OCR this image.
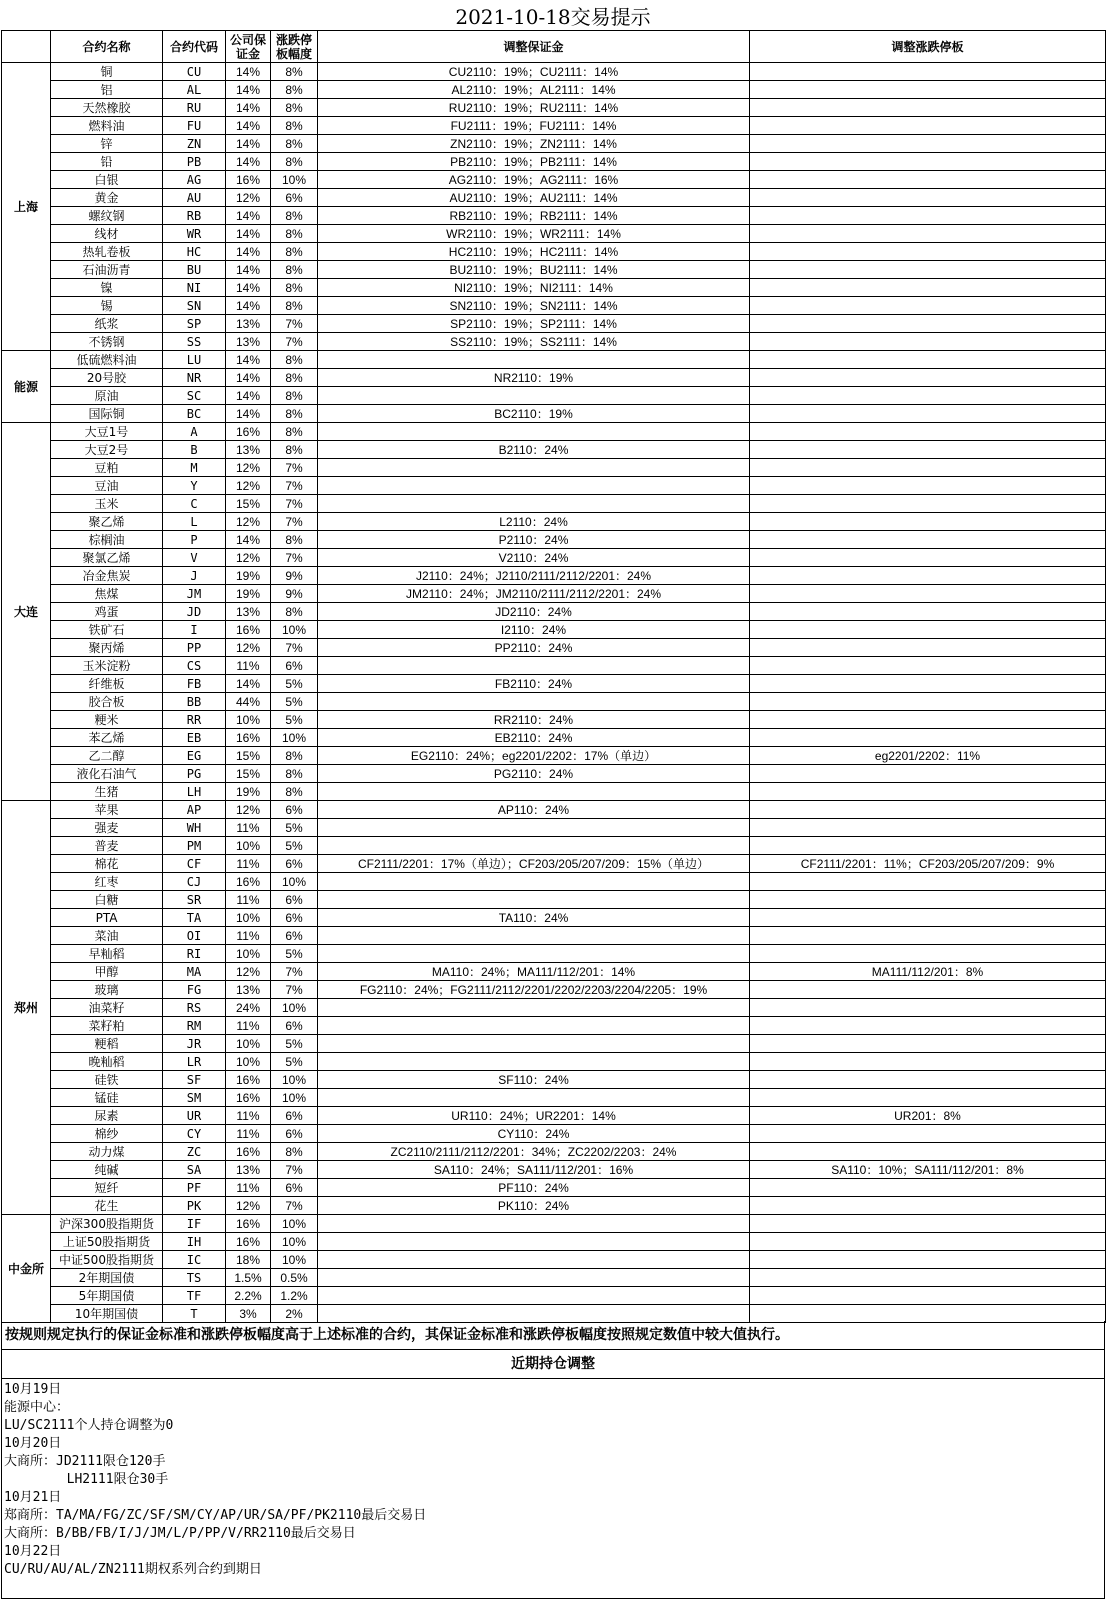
2021-10-18交易提示
	合约名称	合约代码	公司保证金	涨跌停板幅度	调整保证金	调整涨跌停板
上海	铜	CU	14%	8%	CU2110：19%；CU2111：14%	
	铝	AL	14%	8%	AL2110：19%；AL2111：14%	
	天然橡胶	RU	14%	8%	RU2110：19%；RU2111：14%	
	燃料油	FU	14%	8%	FU2111：19%；FU2111：14%	
	锌	ZN	14%	8%	ZN2110：19%；ZN2111：14%	
	铅	PB	14%	8%	PB2110：19%；PB2111：14%	
	白银	AG	16%	10%	AG2110：19%；AG2111：16%	
	黄金	AU	12%	6%	AU2110：19%；AU2111：14%	
	螺纹钢	RB	14%	8%	RB2110：19%；RB2111：14%	
	线材	WR	14%	8%	WR2110：19%；WR2111：14%	
	热轧卷板	HC	14%	8%	HC2110：19%；HC2111：14%	
	石油沥青	BU	14%	8%	BU2110：19%；BU2111：14%	
	镍	NI	14%	8%	NI2110：19%；NI2111：14%	
	锡	SN	14%	8%	SN2110：19%；SN2111：14%	
	纸浆	SP	13%	7%	SP2110：19%；SP2111：14%	
	不锈钢	SS	13%	7%	SS2110：19%；SS2111：14%	
能源	低硫燃料油	LU	14%	8%		
	20号胶	NR	14%	8%	NR2110：19%	
	原油	SC	14%	8%		
	国际铜	BC	14%	8%	BC2110：19%	
大连	大豆1号	A	16%	8%		
	大豆2号	B	13%	8%	B2110：24%	
	豆粕	M	12%	7%		
	豆油	Y	12%	7%		
	玉米	C	15%	7%		
	聚乙烯	L	12%	7%	L2110：24%	
	棕榈油	P	14%	8%	P2110：24%	
	聚氯乙烯	V	12%	7%	V2110：24%	
	冶金焦炭	J	19%	9%	J2110：24%；J2110/2111/2112/2201：24%	
	焦煤	JM	19%	9%	JM2110：24%；JM2110/2111/2112/2201：24%	
	鸡蛋	JD	13%	8%	JD2110：24%	
	铁矿石	I	16%	10%	I2110：24%	
	聚丙烯	PP	12%	7%	PP2110：24%	
	玉米淀粉	CS	11%	6%		
	纤维板	FB	14%	5%	FB2110：24%	
	胶合板	BB	44%	5%		
	粳米	RR	10%	5%	RR2110：24%	
	苯乙烯	EB	16%	10%	EB2110：24%	
	乙二醇	EG	15%	8%	EG2110：24%；eg2201/2202：17%（单边）	eg2201/2202：11%
	液化石油气	PG	15%	8%	PG2110：24%	
	生猪	LH	19%	8%		
郑州	苹果	AP	12%	6%	AP110：24%	
	强麦	WH	11%	5%		
	普麦	PM	10%	5%		
	棉花	CF	11%	6%	CF2111/2201：17%（单边）；CF203/205/207/209：15%（单边）	CF2111/2201：11%；CF203/205/207/209：9%
	红枣	CJ	16%	10%		
	白糖	SR	11%	6%		
	PTA	TA	10%	6%	TA110：24%	
	菜油	OI	11%	6%		
	早籼稻	RI	10%	5%		
	甲醇	MA	12%	7%	MA110：24%；MA111/112/201：14%	MA111/112/201：8%
	玻璃	FG	13%	7%	FG2110：24%；FG2111/2112/2201/2202/2203/2204/2205：19%	
	油菜籽	RS	24%	10%		
	菜籽粕	RM	11%	6%		
	粳稻	JR	10%	5%		
	晚籼稻	LR	10%	5%		
	硅铁	SF	16%	10%	SF110：24%	
	锰硅	SM	16%	10%		
	尿素	UR	11%	6%	UR110：24%；UR2201：14%	UR201：8%
	棉纱	CY	11%	6%	CY110：24%	
	动力煤	ZC	16%	8%	ZC2110/2111/2112/2201：34%；ZC2202/2203：24%	
	纯碱	SA	13%	7%	SA110：24%；SA111/112/201：16%	SA110：10%；SA111/112/201：8%
	短纤	PF	11%	6%	PF110：24%	
	花生	PK	12%	7%	PK110：24%	
中金所	沪深300股指期货	IF	16%	10%		
	上证50股指期货	IH	16%	10%		
	中证500股指期货	IC	18%	10%		
	2年期国债	TS	1.5%	0.5%		
	5年期国债	TF	2.2%	1.2%		
	10年期国债	T	3%	2%		
按规则规定执行的保证金标准和涨跌停板幅度高于上述标准的合约，其保证金标准和涨跌停板幅度按照规定数值中较大值执行。
近期持仓调整
10月19日
能源中心：
LU/SC2111个人持仓调整为0
10月20日
大商所：JD2111限仓120手
LH2111限仓30手
10月21日
郑商所：TA/MA/FG/ZC/SF/SM/CY/AP/UR/SA/PF/PK2110最后交易日
大商所：B/BB/FB/I/J/JM/L/P/PP/V/RR2110最后交易日
10月22日
CU/RU/AU/AL/ZN2111期权系列合约到期日
